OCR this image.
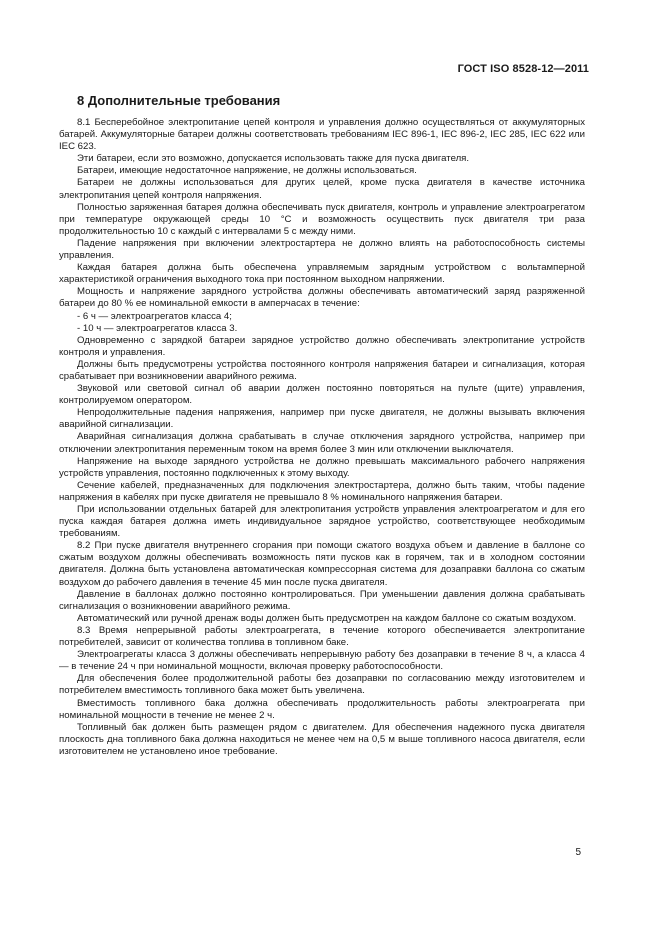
ГОСТ ISO 8528-12—2011
8 Дополнительные требования

8.1 Бесперебойное электропитание цепей контроля и управления должно осуществляться от аккумуляторных батарей. Аккумуляторные батареи должны соответствовать требованиям IEC 896-1, IEC 896-2, IEC 285, IEC 622 или IEC 623.

Эти батареи, если это возможно, допускается использовать также для пуска двигателя.

Батареи, имеющие недостаточное напряжение, не должны использоваться.

Батареи не должны использоваться для других целей, кроме пуска двигателя в качестве источника электропитания цепей контроля напряжения.

Полностью заряженная батарея должна обеспечивать пуск двигателя, контроль и управление электроагрегатом при температуре окружающей среды 10 °С и возможность осуществить пуск двигателя три раза продолжительностью 10 с каждый с интервалами 5 с между ними.

Падение напряжения при включении электростартера не должно влиять на работоспособность системы управления.

Каждая батарея должна быть обеспечена управляемым зарядным устройством с вольтамперной характеристикой ограничения выходного тока при постоянном выходном напряжении.

Мощность и напряжение зарядного устройства должны обеспечивать автоматический заряд разряженной батареи до 80 % ее номинальной емкости в амперчасах в течение:

- 6 ч — электроагрегатов класса 4;

- 10 ч — электроагрегатов класса 3.

Одновременно с зарядкой батареи зарядное устройство должно обеспечивать электропитание устройств контроля и управления.

Должны быть предусмотрены устройства постоянного контроля напряжения батареи и сигнализация, которая срабатывает при возникновении аварийного режима.

Звуковой или световой сигнал об аварии должен постоянно повторяться на пульте (щите) управления, контролируемом оператором.

Непродолжительные падения напряжения, например при пуске двигателя, не должны вызывать включения аварийной сигнализации.

Аварийная сигнализация должна срабатывать в случае отключения зарядного устройства, например при отключении электропитания переменным током на время более 3 мин или отключении выключателя.

Напряжение на выходе зарядного устройства не должно превышать максимального рабочего напряжения устройств управления, постоянно подключенных к этому выходу.

Сечение кабелей, предназначенных для подключения электростартера, должно быть таким, чтобы падение напряжения в кабелях при пуске двигателя не превышало 8 % номинального напряжения батареи.

При использовании отдельных батарей для электропитания устройств управления электроагрегатом и для его пуска каждая батарея должна иметь индивидуальное зарядное устройство, соответствующее необходимым требованиям.

8.2 При пуске двигателя внутреннего сгорания при помощи сжатого воздуха объем и давление в баллоне со сжатым воздухом должны обеспечивать возможность пяти пусков как в горячем, так и в холодном состоянии двигателя. Должна быть установлена автоматическая компрессорная система для дозаправки баллона со сжатым воздухом до рабочего давления в течение 45 мин после пуска двигателя.

Давление в баллонах должно постоянно контролироваться. При уменьшении давления должна срабатывать сигнализация о возникновении аварийного режима.

Автоматический или ручной дренаж воды должен быть предусмотрен на каждом баллоне со сжатым воздухом.

8.3 Время непрерывной работы электроагрегата, в течение которого обеспечивается электропитание потребителей, зависит от количества топлива в топливном баке.

Электроагрегаты класса 3 должны обеспечивать непрерывную работу без дозаправки в течение 8 ч, а класса 4 — в течение 24 ч при номинальной мощности, включая проверку работоспособности.

Для обеспечения более продолжительной работы без дозаправки по согласованию между изготовителем и потребителем вместимость топливного бака может быть увеличена.

Вместимость топливного бака должна обеспечивать продолжительность работы электроагрегата при номинальной мощности в течение не менее 2 ч.

Топливный бак должен быть размещен рядом с двигателем. Для обеспечения надежного пуска двигателя плоскость дна топливного бака должна находиться не менее чем на 0,5 м выше топливного насоса двигателя, если изготовителем не установлено иное требование.

5
